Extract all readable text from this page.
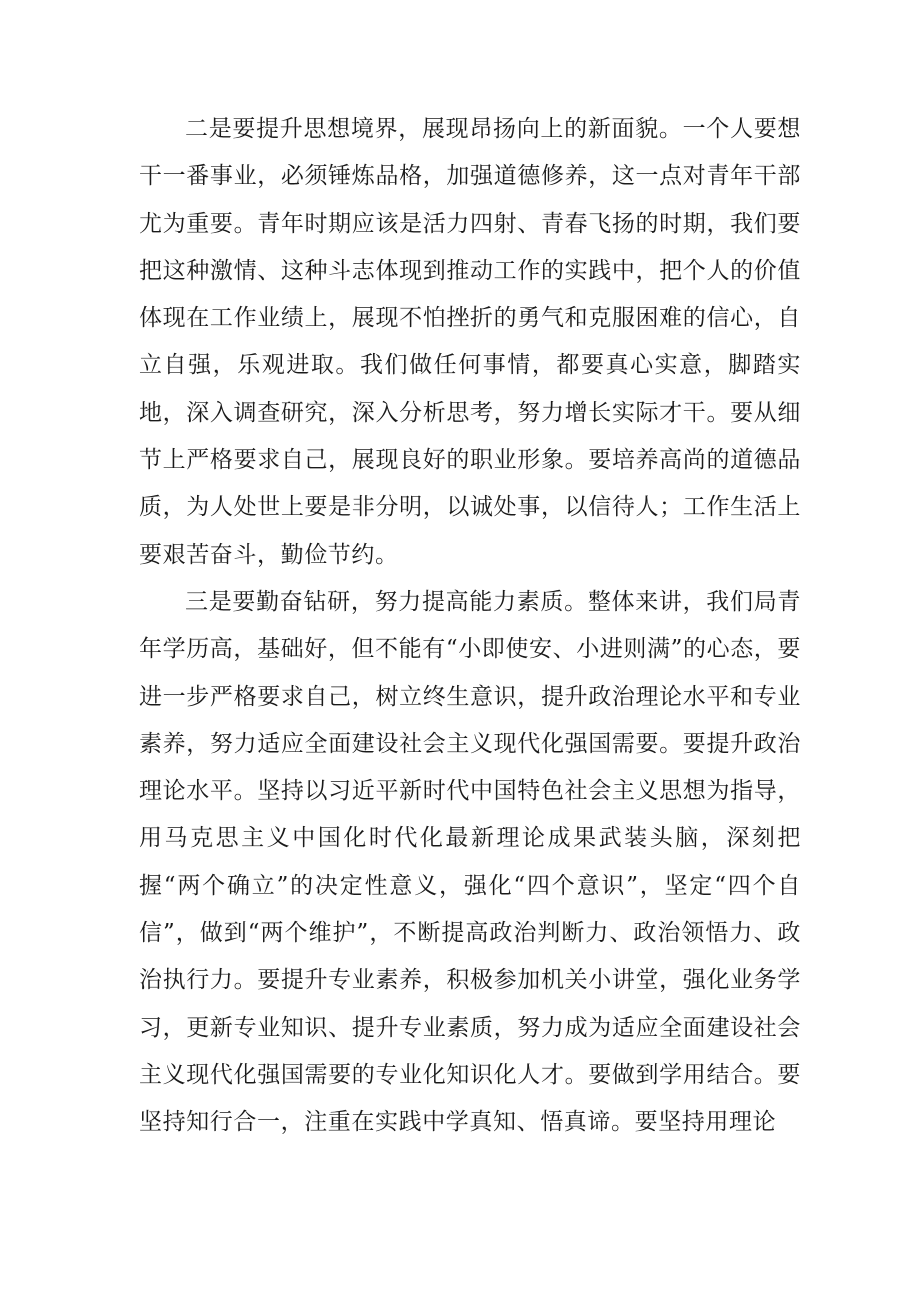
二是要提升思想境界，展现昂扬向上的新面貌。一个人要想干一番事业，必须锤炼品格，加强道德修养，这一点对青年干部尤为重要。青年时期应该是活力四射、青春飞扬的时期，我们要把这种激情、这种斗志体现到推动工作的实践中，把个人的价值体现在工作业绩上，展现不怕挫折的勇气和克服困难的信心，自立自强，乐观进取。我们做任何事情，都要真心实意，脚踏实地，深入调查研究，深入分析思考，努力增长实际才干。要从细节上严格要求自己，展现良好的职业形象。要培养高尚的道德品质，为人处世上要是非分明，以诚处事，以信待人；工作生活上要艰苦奋斗，勤俭节约。

三是要勤奋钻研，努力提高能力素质。整体来讲，我们局青年学历高，基础好，但不能有“小即使安、小进则满”的心态，要进一步严格要求自己，树立终生意识，提升政治理论水平和专业素养，努力适应全面建设社会主义现代化强国需要。要提升政治理论水平。坚持以习近平新时代中国特色社会主义思想为指导，用马克思主义中国化时代化最新理论成果武装头脑，深刻把握“两个确立”的决定性意义，强化“四个意识”，坚定“四个自信”，做到“两个维护”，不断提高政治判断力、政治领悟力、政治执行力。要提升专业素养，积极参加机关小讲堂，强化业务学习，更新专业知识、提升专业素质，努力成为适应全面建设社会主义现代化强国需要的专业化知识化人才。要做到学用结合。要坚持知行合一，注重在实践中学真知、悟真谛。要坚持用理论
